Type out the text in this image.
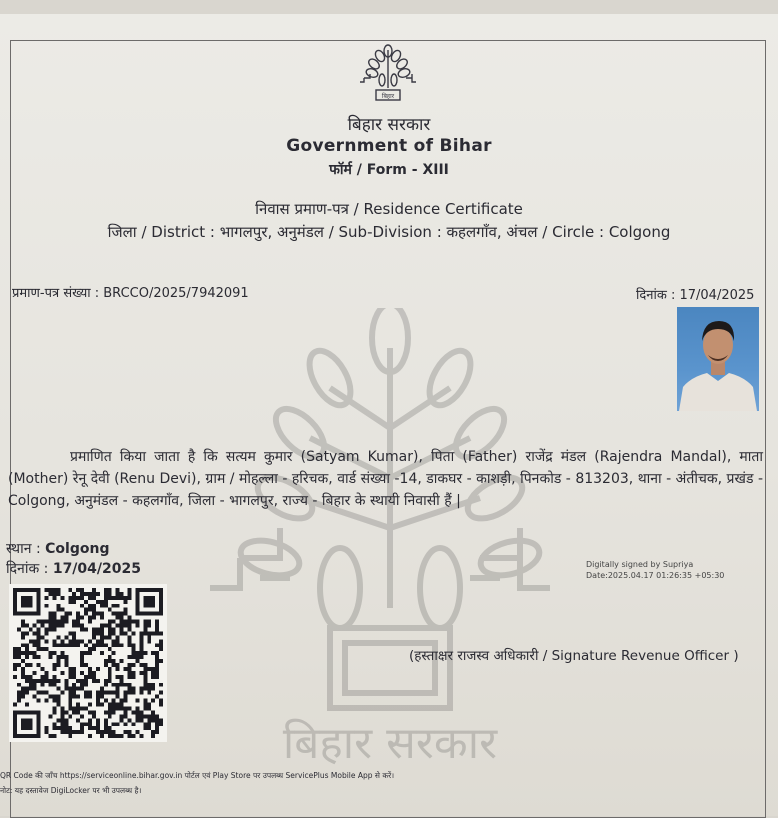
बिहार सरकार
बिहार
बिहार सरकार
Government of Bihar
फॉर्म / Form - XIII
निवास प्रमाण-पत्र / Residence Certificate
जिला / District : भागलपुर, अनुमंडल / Sub-Division : कहलगाँव, अंचल / Circle : Colgong
प्रमाण-पत्र संख्या : BRCCO/2025/7942091	दिनांक : 17/04/2025
प्रमाणित किया जाता है कि सत्यम कुमार (Satyam Kumar), पिता (Father) राजेंद्र मंडल (Rajendra Mandal), माता (Mother) रेनू देवी (Renu Devi), ग्राम / मोहल्ला - हरिचक, वार्ड संख्या -14, डाकघर - काशड़ी, पिनकोड - 813203, थाना - अंतीचक, प्रखंड - Colgong, अनुमंडल - कहलगाँव, जिला - भागलपुर, राज्य - बिहार के स्थायी निवासी हैं |
स्थान : Colgong
दिनांक : 17/04/2025	Digitally signed by Supriya
Date:2025.04.17 01:26:35 +05:30
(हस्ताक्षर राजस्व अधिकारी / Signature Revenue Officer )
QR Code की जाँच https://serviceonline.bihar.gov.in पोर्टल एवं Play Store पर उपलब्ध ServicePlus Mobile App से करें।
नोट: यह दस्तावेज DigiLocker पर भी उपलब्ध है।
